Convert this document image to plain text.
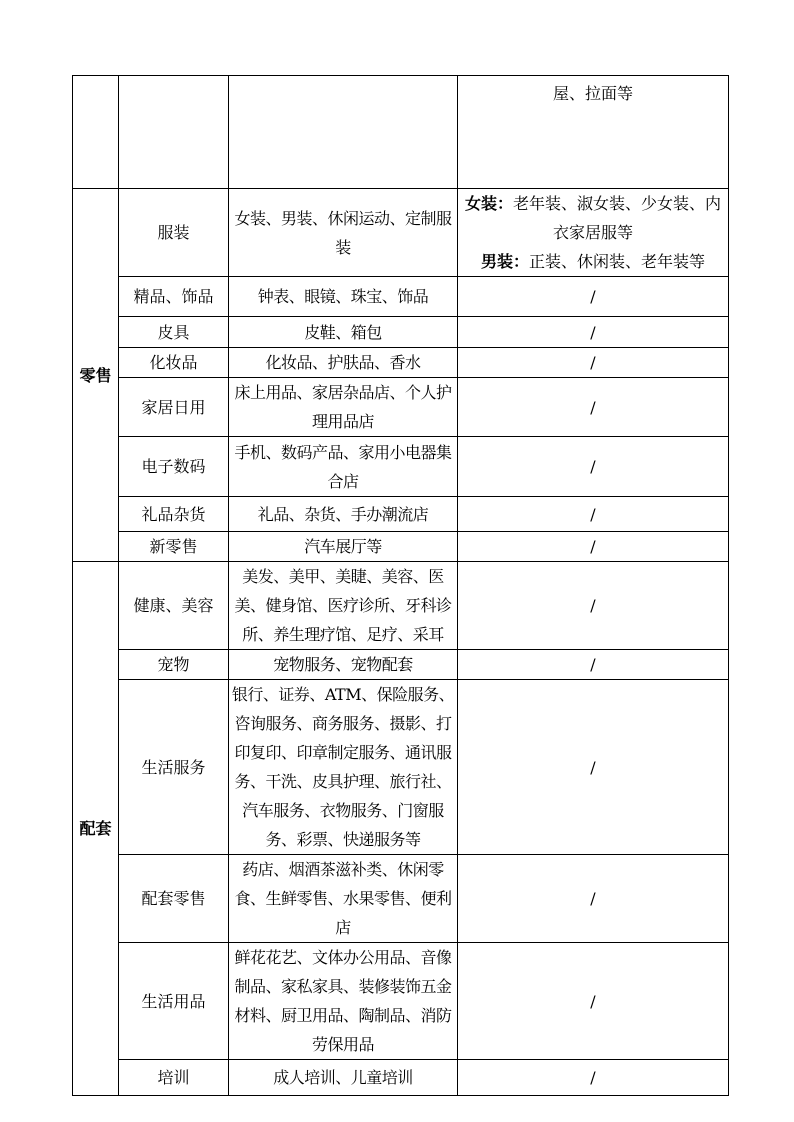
			屋、拉面等
零售	服装	女装、男装、休闲运动、定制服装	女装：老年装、淑女装、少女装、内衣家居服等

男装：正装、休闲装、老年装等

	精品、饰品	钟表、眼镜、珠宝、饰品	/
	皮具	皮鞋、箱包	/
	化妆品	化妆品、护肤品、香水	/
	家居日用	床上用品、家居杂品店、个人护理用品店	/
	电子数码	手机、数码产品、家用小电器集合店	/
	礼品杂货	礼品、杂货、手办潮流店	/
	新零售	汽车展厅等	/
配套	健康、美容	美发、美甲、美睫、美容、医美、健身馆、医疗诊所、牙科诊所、养生理疗馆、足疗、采耳	/
	宠物	宠物服务、宠物配套	/
	生活服务	银行、证券、ATM、保险服务、咨询服务、商务服务、摄影、打印复印、印章制定服务、通讯服务、干洗、皮具护理、旅行社、汽车服务、衣物服务、门窗服务、彩票、快递服务等	/
	配套零售	药店、烟酒茶滋补类、休闲零食、生鲜零售、水果零售、便利店	/
	生活用品	鲜花花艺、文体办公用品、音像制品、家私家具、装修装饰五金材料、厨卫用品、陶制品、消防劳保用品	/
	培训	成人培训、儿童培训	/
